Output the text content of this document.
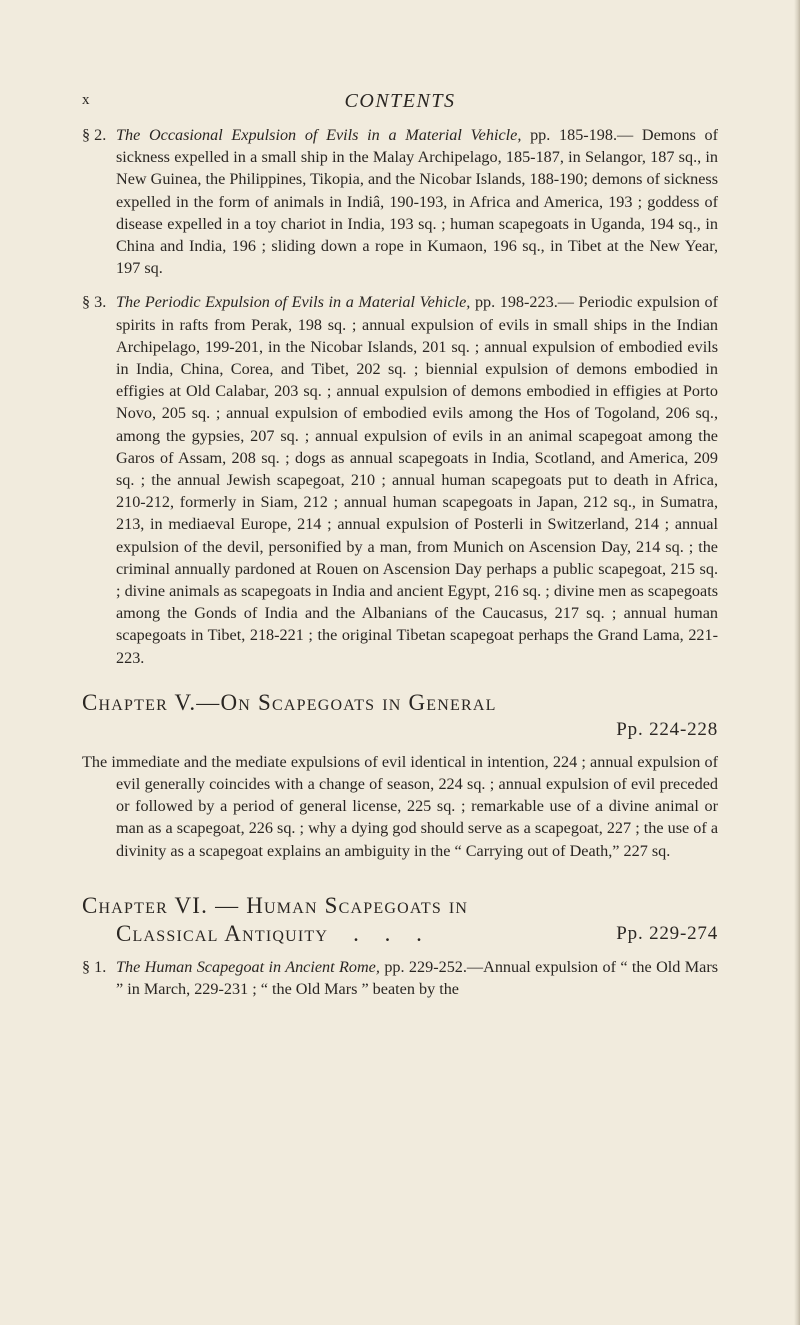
x	CONTENTS

§ 2. The Occasional Expulsion of Evils in a Material Vehicle, pp. 185-198.— Demons of sickness expelled in a small ship in the Malay Archipelago, 185-187, in Selangor, 187 sq., in New Guinea, the Philippines, Tikopia, and the Nicobar Islands, 188-190; demons of sickness expelled in the form of animals in Indiâ, 190-193, in Africa and America, 193 ; goddess of disease expelled in a toy chariot in India, 193 sq. ; human scapegoats in Uganda, 194 sq., in China and India, 196 ; sliding down a rope in Kumaon, 196 sq., in Tibet at the New Year, 197 sq.

§ 3. The Periodic Expulsion of Evils in a Material Vehicle, pp. 198-223.— Periodic expulsion of spirits in rafts from Perak, 198 sq. ; annual expulsion of evils in small ships in the Indian Archipelago, 199-201, in the Nicobar Islands, 201 sq. ; annual expulsion of embodied evils in India, China, Corea, and Tibet, 202 sq. ; biennial expulsion of demons embodied in effigies at Old Calabar, 203 sq. ; annual expulsion of demons embodied in effigies at Porto Novo, 205 sq. ; annual expulsion of embodied evils among the Hos of Togoland, 206 sq., among the gypsies, 207 sq. ; annual expulsion of evils in an animal scapegoat among the Garos of Assam, 208 sq. ; dogs as annual scapegoats in India, Scotland, and America, 209 sq. ; the annual Jewish scapegoat, 210 ; annual human scapegoats put to death in Africa, 210-212, formerly in Siam, 212 ; annual human scapegoats in Japan, 212 sq., in Sumatra, 213, in mediaeval Europe, 214 ; annual expulsion of Posterli in Switzerland, 214 ; annual expulsion of the devil, personified by a man, from Munich on Ascension Day, 214 sq. ; the criminal annually pardoned at Rouen on Ascension Day perhaps a public scapegoat, 215 sq. ; divine animals as scapegoats in India and ancient Egypt, 216 sq. ; divine men as scapegoats among the Gonds of India and the Albanians of the Caucasus, 217 sq. ; annual human scapegoats in Tibet, 218-221 ; the original Tibetan scapegoat perhaps the Grand Lama, 221-223.

Chapter V.—On Scapegoats in General
Pp. 224-228

The immediate and the mediate expulsions of evil identical in intention, 224 ; annual expulsion of evil generally coincides with a change of season, 224 sq. ; annual expulsion of evil preceded or followed by a period of general license, 225 sq. ; remarkable use of a divine animal or man as a scapegoat, 226 sq. ; why a dying god should serve as a scapegoat, 227 ; the use of a divinity as a scapegoat explains an ambiguity in the “ Carrying out of Death,” 227 sq.

Chapter VI. — Human Scapegoats in
Classical Antiquity . . .	Pp. 229-274

§ 1. The Human Scapegoat in Ancient Rome, pp. 229-252.—Annual expulsion of “ the Old Mars ” in March, 229-231 ; “ the Old Mars ” beaten by the
